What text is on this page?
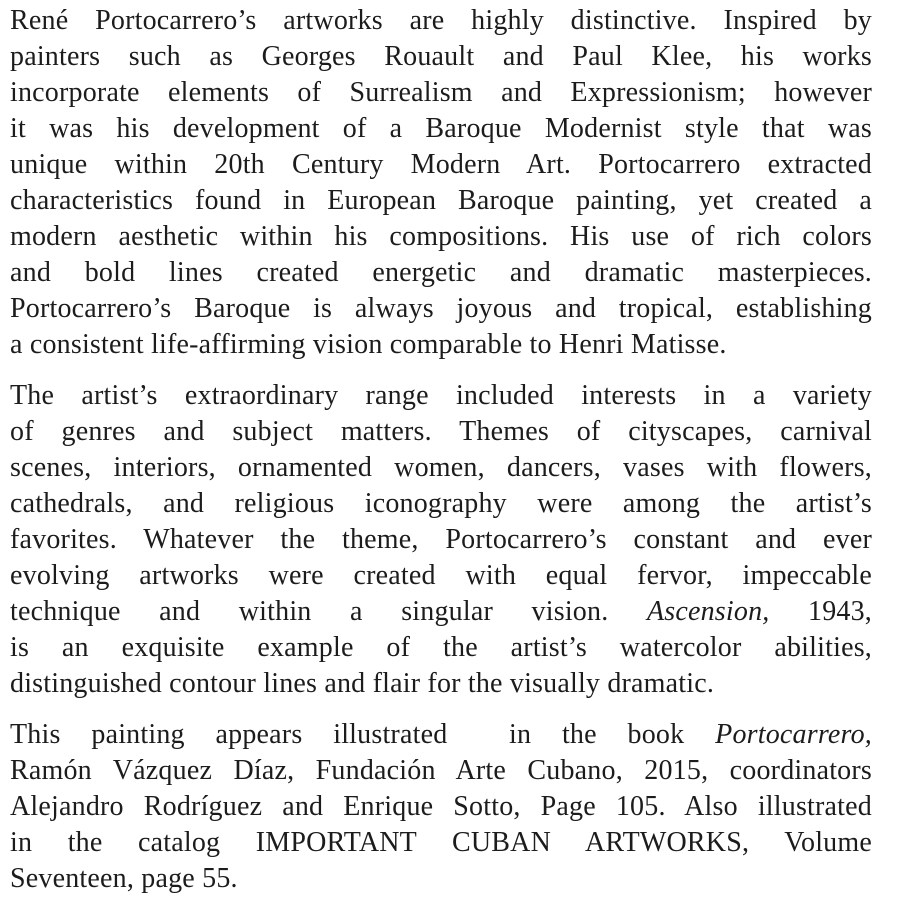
René Portocarrero’s artworks are highly distinctive. Inspired by
painters such as Georges Rouault and Paul Klee, his works
incorporate elements of Surrealism and Expressionism; however
it was his development of a Baroque Modernist style that was
unique within 20th Century Modern Art. Portocarrero extracted
characteristics found in European Baroque painting, yet created a
modern aesthetic within his compositions. His use of rich colors
and bold lines created energetic and dramatic masterpieces.
Portocarrero’s Baroque is always joyous and tropical, establishing
a consistent life-affirming vision comparable to Henri Matisse.
The artist’s extraordinary range included interests in a variety
of genres and subject matters. Themes of cityscapes, carnival
scenes, interiors, ornamented women, dancers, vases with flowers,
cathedrals, and religious iconography were among the artist’s
favorites. Whatever the theme, Portocarrero’s constant and ever
evolving artworks were created with equal fervor, impeccable
technique and within a singular vision. Ascension, 1943,
is an exquisite example of the artist’s watercolor abilities,
distinguished contour lines and flair for the visually dramatic.
This painting appears illustrated  in the book Portocarrero,
Ramón Vázquez Díaz, Fundación Arte Cubano, 2015, coordinators
Alejandro Rodríguez and Enrique Sotto, Page 105. Also illustrated
in the catalog IMPORTANT CUBAN ARTWORKS, Volume
Seventeen, page 55.
